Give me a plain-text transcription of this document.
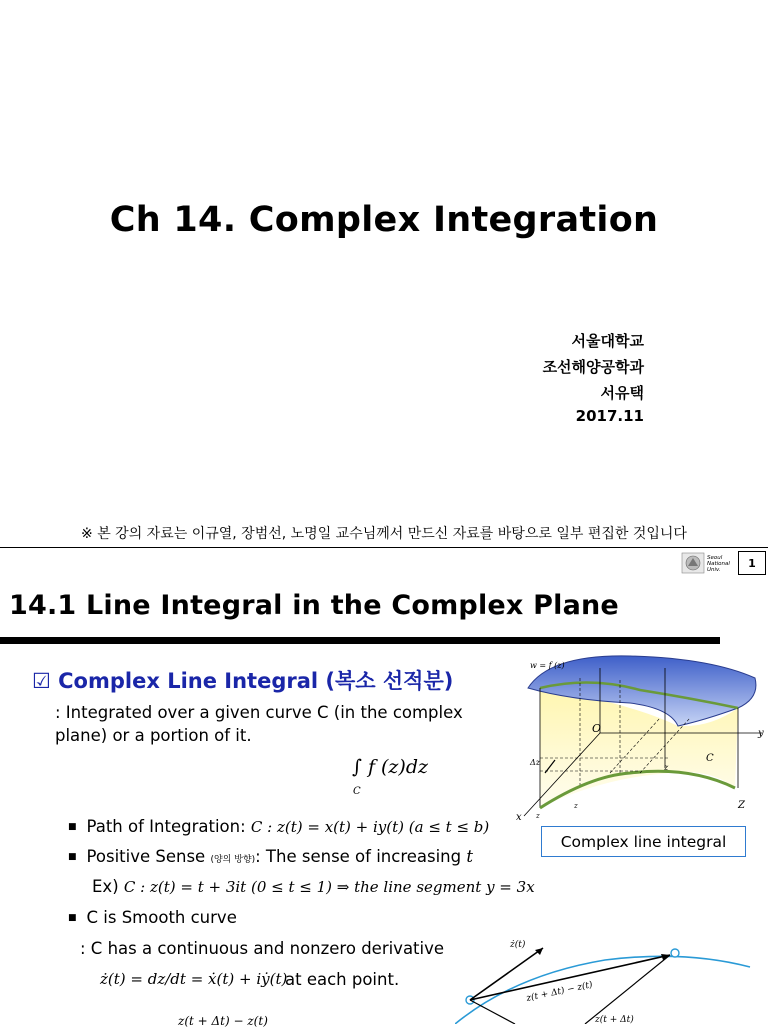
Ch 14. Complex Integration
서울대학교
조선해양공학과
서유택
2017.11
※ 본 강의 자료는 이규열, 장범선, 노명일 교수님께서 만드신 자료를 바탕으로 일부 편집한 것입니다
Seoul
National
Univ.
1
14.1 Line Integral in the Complex Plane
☑ Complex Line Integral (복소 선적분)
: Integrated over a given curve C (in the complex
plane) or a portion of it.
∫ f (z)dz
C
■ Path of Integration: C : z(t) = x(t) + iy(t) (a ≤ t ≤ b)
■ Positive Sense (양의 방향): The sense of increasing t
Ex) C : z(t) = t + 3it (0 ≤ t ≤ 1) ⇒ the line segment y = 3x
■ C is Smooth curve
: C has a continuous and nonzero derivative
ż(t) = dz/dt = ẋ(t) + iẏ(t)
at each point.
z(t + Δt) − z(t)
w = f (z)
O	y
x
Z
C
z
Δz
z
z
Complex line integral
ż(t)
z(t + Δt) − z(t)
z(t + Δt)
